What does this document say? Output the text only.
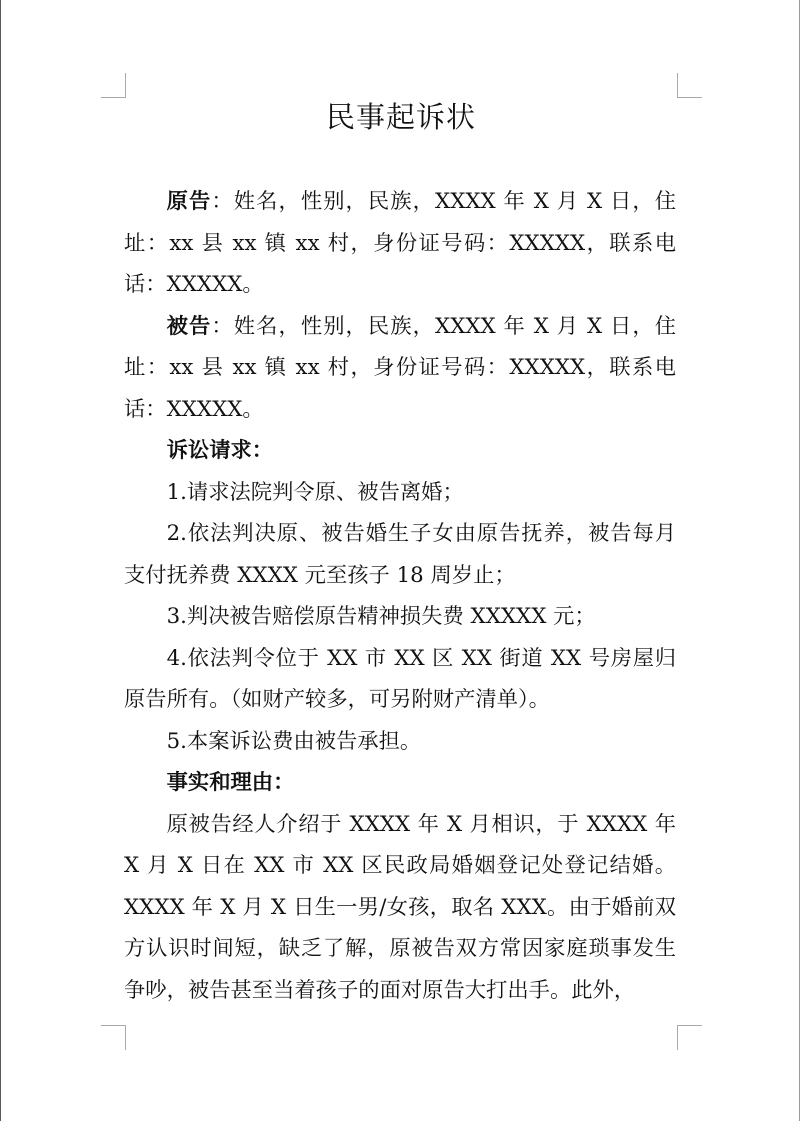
民事起诉状

原告：姓名，性别，民族，XXXX 年 X 月 X 日，住址：xx 县 xx 镇 xx 村，身份证号码：XXXXX，联系电话：XXXXX。

被告：姓名，性别，民族，XXXX 年 X 月 X 日，住址：xx 县 xx 镇 xx 村，身份证号码：XXXXX，联系电话：XXXXX。

诉讼请求：

1.请求法院判令原、被告离婚；

2.依法判决原、被告婚生子女由原告抚养，被告每月支付抚养费 XXXX 元至孩子 18 周岁止；

3.判决被告赔偿原告精神损失费 XXXXX 元；

4.依法判令位于 XX 市 XX 区 XX 街道 XX 号房屋归原告所有。（如财产较多，可另附财产清单）。

5.本案诉讼费由被告承担。

事实和理由：

原被告经人介绍于 XXXX 年 X 月相识，于 XXXX 年 X 月 X 日在 XX 市 XX 区民政局婚姻登记处登记结婚。XXXX 年 X 月 X 日生一男/女孩，取名 XXX。由于婚前双方认识时间短，缺乏了解，原被告双方常因家庭琐事发生争吵，被告甚至当着孩子的面对原告大打出手。此外，
